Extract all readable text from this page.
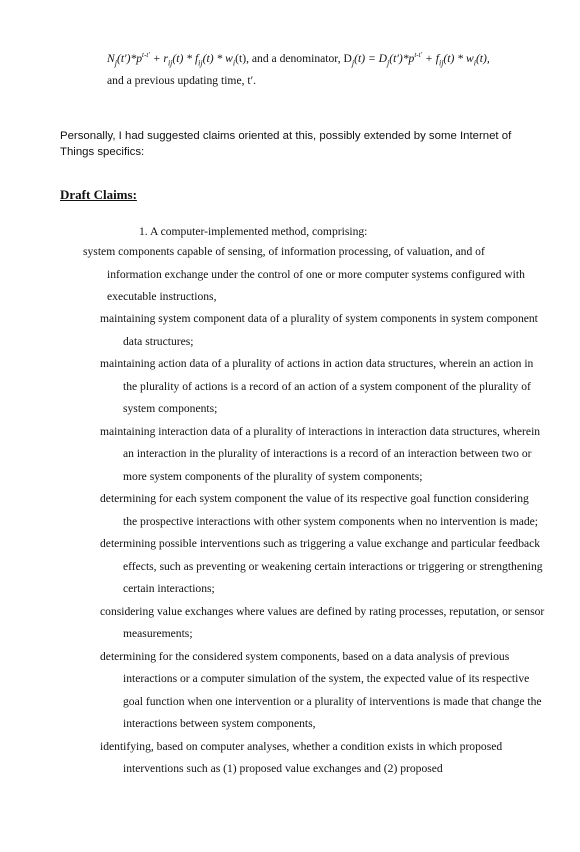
$N_j(t')*p^{t-t'} + r_{ij}(t) * f_{ij}(t) * w_i(t)$, and a denominator, $D_j(t) = D_j(t')*p^{t-t'} + f_{ij}(t) * w_i(t)$,
and a previous updating time, t′.
Personally, I had suggested claims oriented at this, possibly extended by some Internet of Things specifics:
Draft Claims:
1. A computer-implemented method, comprising:
system components capable of sensing, of information processing, of valuation, and of information exchange under the control of one or more computer systems configured with executable instructions,
maintaining system component data of a plurality of system components in system component data structures;
maintaining action data of a plurality of actions in action data structures, wherein an action in the plurality of actions is a record of an action of a system component of the plurality of system components;
maintaining interaction data of a plurality of interactions in interaction data structures, wherein an interaction in the plurality of interactions is a record of an interaction between two or more system components of the plurality of system components;
determining for each system component the value of its respective goal function considering the prospective interactions with other system components when no intervention is made;
determining possible interventions such as triggering a value exchange and particular feedback effects, such as preventing or weakening certain interactions or triggering or strengthening certain interactions;
considering value exchanges where values are defined by rating processes, reputation, or sensor measurements;
determining for the considered system components, based on a data analysis of previous interactions or a computer simulation of the system, the expected value of its respective goal function when one intervention or a plurality of interventions is made that change the interactions between system components,
identifying, based on computer analyses, whether a condition exists in which proposed interventions such as (1) proposed value exchanges and (2) proposed
